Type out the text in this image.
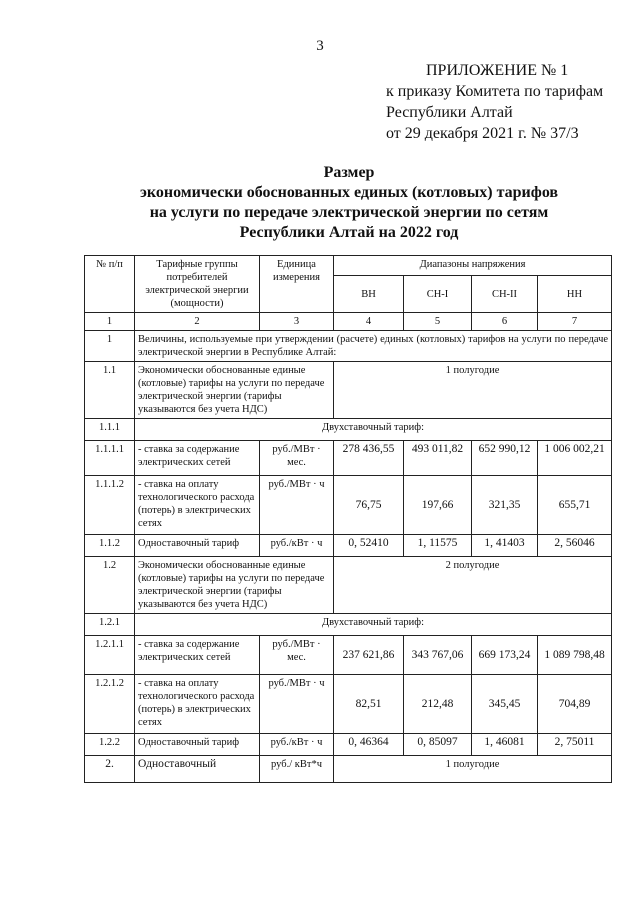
3
ПРИЛОЖЕНИЕ № 1
к приказу Комитета по тарифам
Республики Алтай
от 29 декабря 2021 г. № 37/3
Размер
экономически обоснованных единых (котловых) тарифов
на услуги по передаче электрической энергии по сетям
Республики Алтай на 2022 год
№ п/п	Тарифные группы потребителей электрической энергии (мощности)	Единица измерения	Диапазоны напряжения			
			ВН	СН-I	СН-II	НН
1	2	3	4	5	6	7
1	Величины, используемые при утверждении (расчете) единых (котловых) тарифов на услуги по передаче электрической энергии в Республике Алтай:					
1.1	Экономически обоснованные единые (котловые) тарифы на услуги по передаче электрической энергии (тарифы указываются без учета НДС)		1 полугодие			
1.1.1	Двухставочный тариф:					
1.1.1.1	- ставка за содержание электрических сетей	руб./МВт · мес.	278 436,55	493 011,82	652 990,12	1 006 002,21
1.1.1.2	- ставка на оплату технологического расхода (потерь) в электрических сетях	руб./МВт · ч	76,75	197,66	321,35	655,71
1.1.2	Одноставочный тариф	руб./кВт · ч	0, 52410	1, 11575	1, 41403	2, 56046
1.2	Экономически обоснованные единые (котловые) тарифы на услуги по передаче электрической энергии (тарифы указываются без учета НДС)		2 полугодие			
1.2.1	Двухставочный тариф:					
1.2.1.1	- ставка за содержание электрических сетей	руб./МВт · мес.	237 621,86	343 767,06	669 173,24	1 089 798,48
1.2.1.2	- ставка на оплату технологического расхода (потерь) в электрических сетях	руб./МВт · ч	82,51	212,48	345,45	704,89
1.2.2	Одноставочный тариф	руб./кВт · ч	0, 46364	0, 85097	1, 46081	2, 75011
2.	Одноставочный	руб./ кВт*ч	1 полугодие			
